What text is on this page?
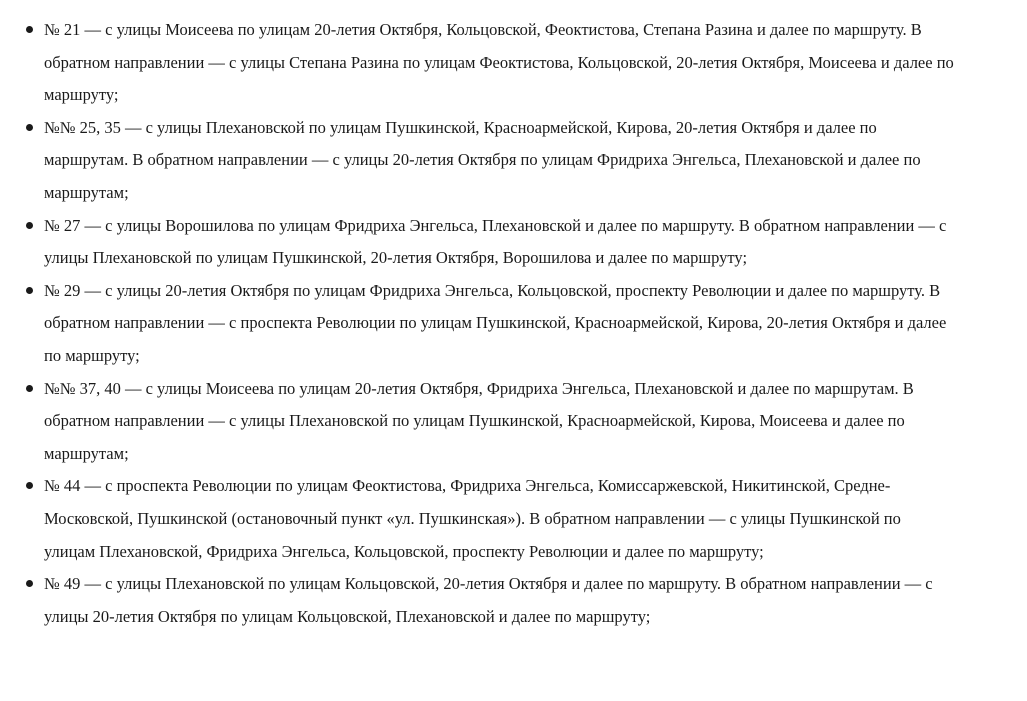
№ 21 — с улицы Моисеева по улицам 20-летия Октября, Кольцовской, Феоктистова, Степана Разина и далее по маршруту. В обратном направлении — с улицы Степана Разина по улицам Феоктистова, Кольцовской, 20-летия Октября, Моисеева и далее по маршруту;
№№ 25, 35 — с улицы Плехановской по улицам Пушкинской, Красноармейской, Кирова, 20-летия Октября и далее по маршрутам. В обратном направлении — с улицы 20-летия Октября по улицам Фридриха Энгельса, Плехановской и далее по маршрутам;
№ 27 — с улицы Ворошилова по улицам Фридриха Энгельса, Плехановской и далее по маршруту. В обратном направлении — с улицы Плехановской по улицам Пушкинской, 20-летия Октября, Ворошилова и далее по маршруту;
№ 29 — с улицы 20-летия Октября по улицам Фридриха Энгельса, Кольцовской, проспекту Революции и далее по маршруту. В обратном направлении — с проспекта Революции по улицам Пушкинской, Красноармейской, Кирова, 20-летия Октября и далее по маршруту;
№№ 37, 40 — с улицы Моисеева по улицам 20-летия Октября, Фридриха Энгельса, Плехановской и далее по маршрутам. В обратном направлении — с улицы Плехановской по улицам Пушкинской, Красноармейской, Кирова, Моисеева и далее по маршрутам;
№ 44 — с проспекта Революции по улицам Феоктистова, Фридриха Энгельса, Комиссаржевской, Никитинской, Средне-Московской, Пушкинской (остановочный пункт «ул. Пушкинская»). В обратном направлении — с улицы Пушкинской по улицам Плехановской, Фридриха Энгельса, Кольцовской, проспекту Революции и далее по маршруту;
№ 49 — с улицы Плехановской по улицам Кольцовской, 20-летия Октября и далее по маршруту. В обратном направлении — с улицы 20-летия Октября по улицам Кольцовской, Плехановской и далее по маршруту;
